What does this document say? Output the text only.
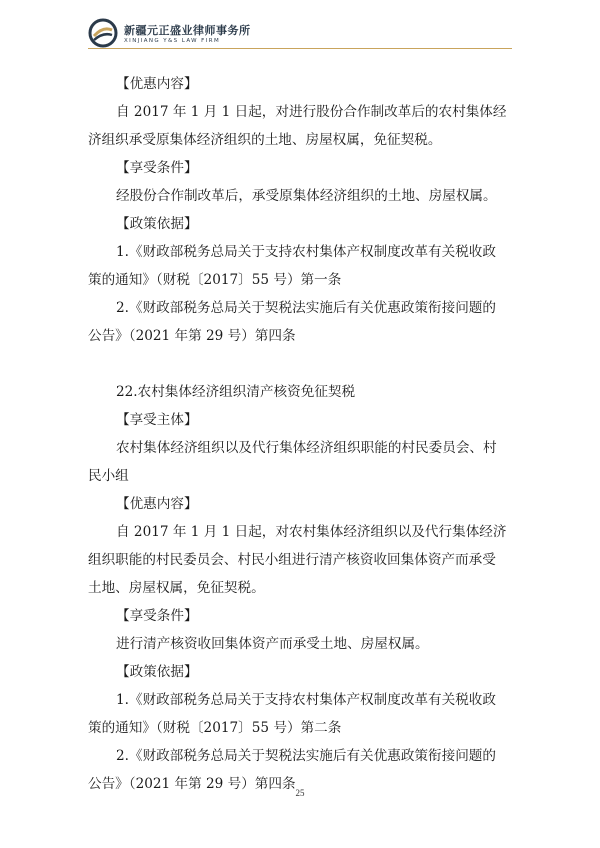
新疆元正盛业律师事务所
XINJIANG Y&S LAW FIRM
【优惠内容】
自 2017 年 1 月 1 日起，对进行股份合作制改革后的农村集体经
济组织承受原集体经济组织的土地、房屋权属，免征契税。
【享受条件】
经股份合作制改革后，承受原集体经济组织的土地、房屋权属。
【政策依据】
1.《财政部税务总局关于支持农村集体产权制度改革有关税收政
策的通知》（财税〔2017〕55 号）第一条
2.《财政部税务总局关于契税法实施后有关优惠政策衔接问题的
公告》（2021 年第 29 号）第四条
22.农村集体经济组织清产核资免征契税
【享受主体】
农村集体经济组织以及代行集体经济组织职能的村民委员会、村
民小组
【优惠内容】
自 2017 年 1 月 1 日起，对农村集体经济组织以及代行集体经济
组织职能的村民委员会、村民小组进行清产核资收回集体资产而承受
土地、房屋权属，免征契税。
【享受条件】
进行清产核资收回集体资产而承受土地、房屋权属。
【政策依据】
1.《财政部税务总局关于支持农村集体产权制度改革有关税收政
策的通知》（财税〔2017〕55 号）第二条
2.《财政部税务总局关于契税法实施后有关优惠政策衔接问题的
公告》（2021 年第 29 号）第四条
25
